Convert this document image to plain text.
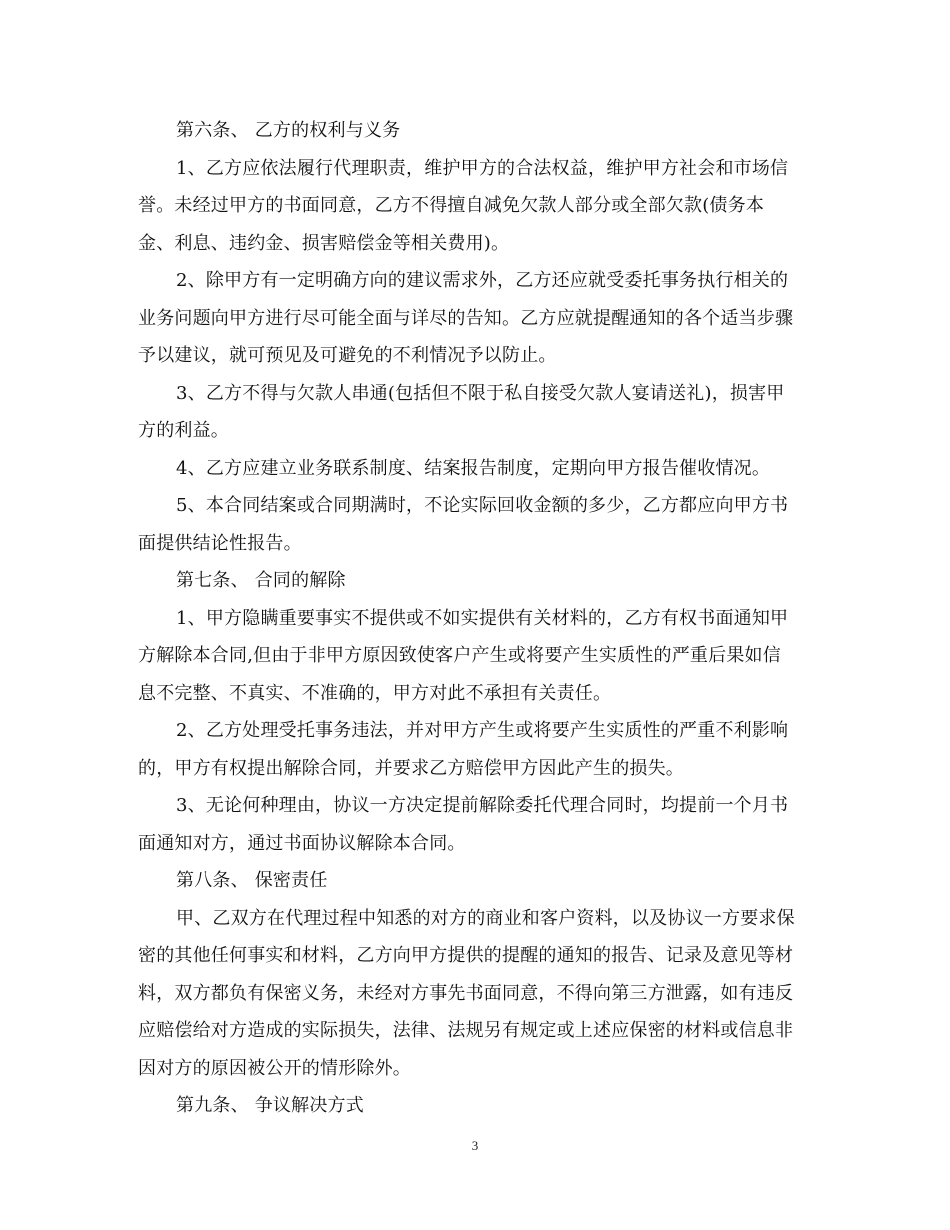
第六条、 乙方的权利与义务
1、乙方应依法履行代理职责，维护甲方的合法权益，维护甲方社会和市场信
誉。未经过甲方的书面同意，乙方不得擅自减免欠款人部分或全部欠款(债务本
金、利息、违约金、损害赔偿金等相关费用)。
2、除甲方有一定明确方向的建议需求外，乙方还应就受委托事务执行相关的
业务问题向甲方进行尽可能全面与详尽的告知。乙方应就提醒通知的各个适当步骤
予以建议，就可预见及可避免的不利情况予以防止。
3、乙方不得与欠款人串通(包括但不限于私自接受欠款人宴请送礼)，损害甲
方的利益。
4、乙方应建立业务联系制度、结案报告制度，定期向甲方报告催收情况。
5、本合同结案或合同期满时，不论实际回收金额的多少，乙方都应向甲方书
面提供结论性报告。
第七条、 合同的解除
1、甲方隐瞒重要事实不提供或不如实提供有关材料的，乙方有权书面通知甲
方解除本合同,但由于非甲方原因致使客户产生或将要产生实质性的严重后果如信
息不完整、不真实、不准确的，甲方对此不承担有关责任。
2、乙方处理受托事务违法，并对甲方产生或将要产生实质性的严重不利影响
的，甲方有权提出解除合同，并要求乙方赔偿甲方因此产生的损失。
3、无论何种理由，协议一方决定提前解除委托代理合同时，均提前一个月书
面通知对方，通过书面协议解除本合同。
第八条、 保密责任
甲、乙双方在代理过程中知悉的对方的商业和客户资料，以及协议一方要求保
密的其他任何事实和材料，乙方向甲方提供的提醒的通知的报告、记录及意见等材
料，双方都负有保密义务，未经对方事先书面同意，不得向第三方泄露，如有违反
应赔偿给对方造成的实际损失，法律、法规另有规定或上述应保密的材料或信息非
因对方的原因被公开的情形除外。
第九条、 争议解决方式
3
